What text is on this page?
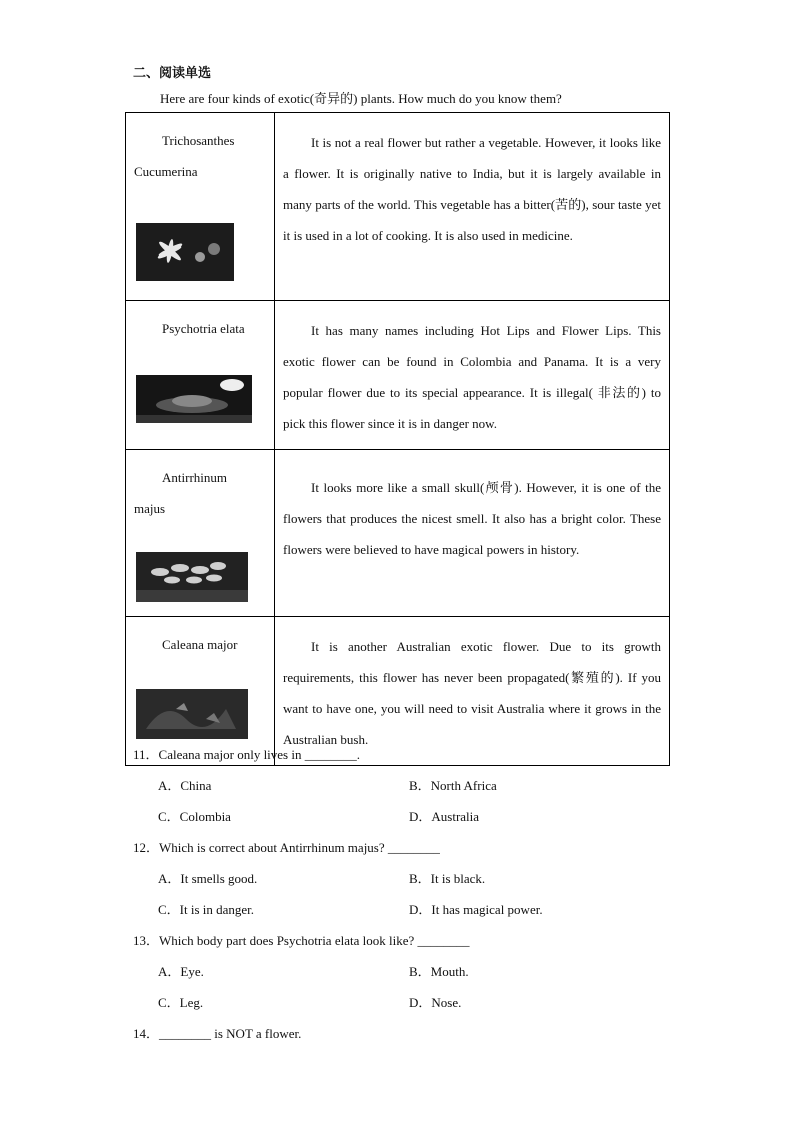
二、阅读单选
Here are four kinds of exotic(奇异的) plants. How much do you know them?
Trichosanthes
Cucumerina	It is not a real flower but rather a vegetable. However, it looks like a flower. It is originally native to India, but it is largely available in many parts of the world. This vegetable has a bitter(苦的), sour taste yet it is used in a lot of cooking. It is also used in medicine.

Psychotria elata	It has many names including Hot Lips and Flower Lips. This exotic flower can be found in Colombia and Panama. It is a very popular flower due to its special appearance. It is illegal( 非法的) to pick this flower since it is in danger now.

Antirrhinum
majus	It looks more like a small skull(颅骨). However, it is one of the flowers that produces the nicest smell. It also has a bright color. These flowers were believed to have magical powers in history.

Caleana major	It is another Australian exotic flower. Due to its growth requirements, this flower has never been propagated(繁殖的). If you want to have one, you will need to visit Australia where it grows in the Australian bush.
11．Caleana major only lives in ________.
A．China	B．North Africa
C．Colombia	D．Australia
12．Which is correct about Antirrhinum majus? ________
A．It smells good.	B．It is black.
C．It is in danger.	D．It has magical power.
13．Which body part does Psychotria elata look like? ________
A．Eye.	B．Mouth.
C．Leg.	D．Nose.
14．________ is NOT a flower.
